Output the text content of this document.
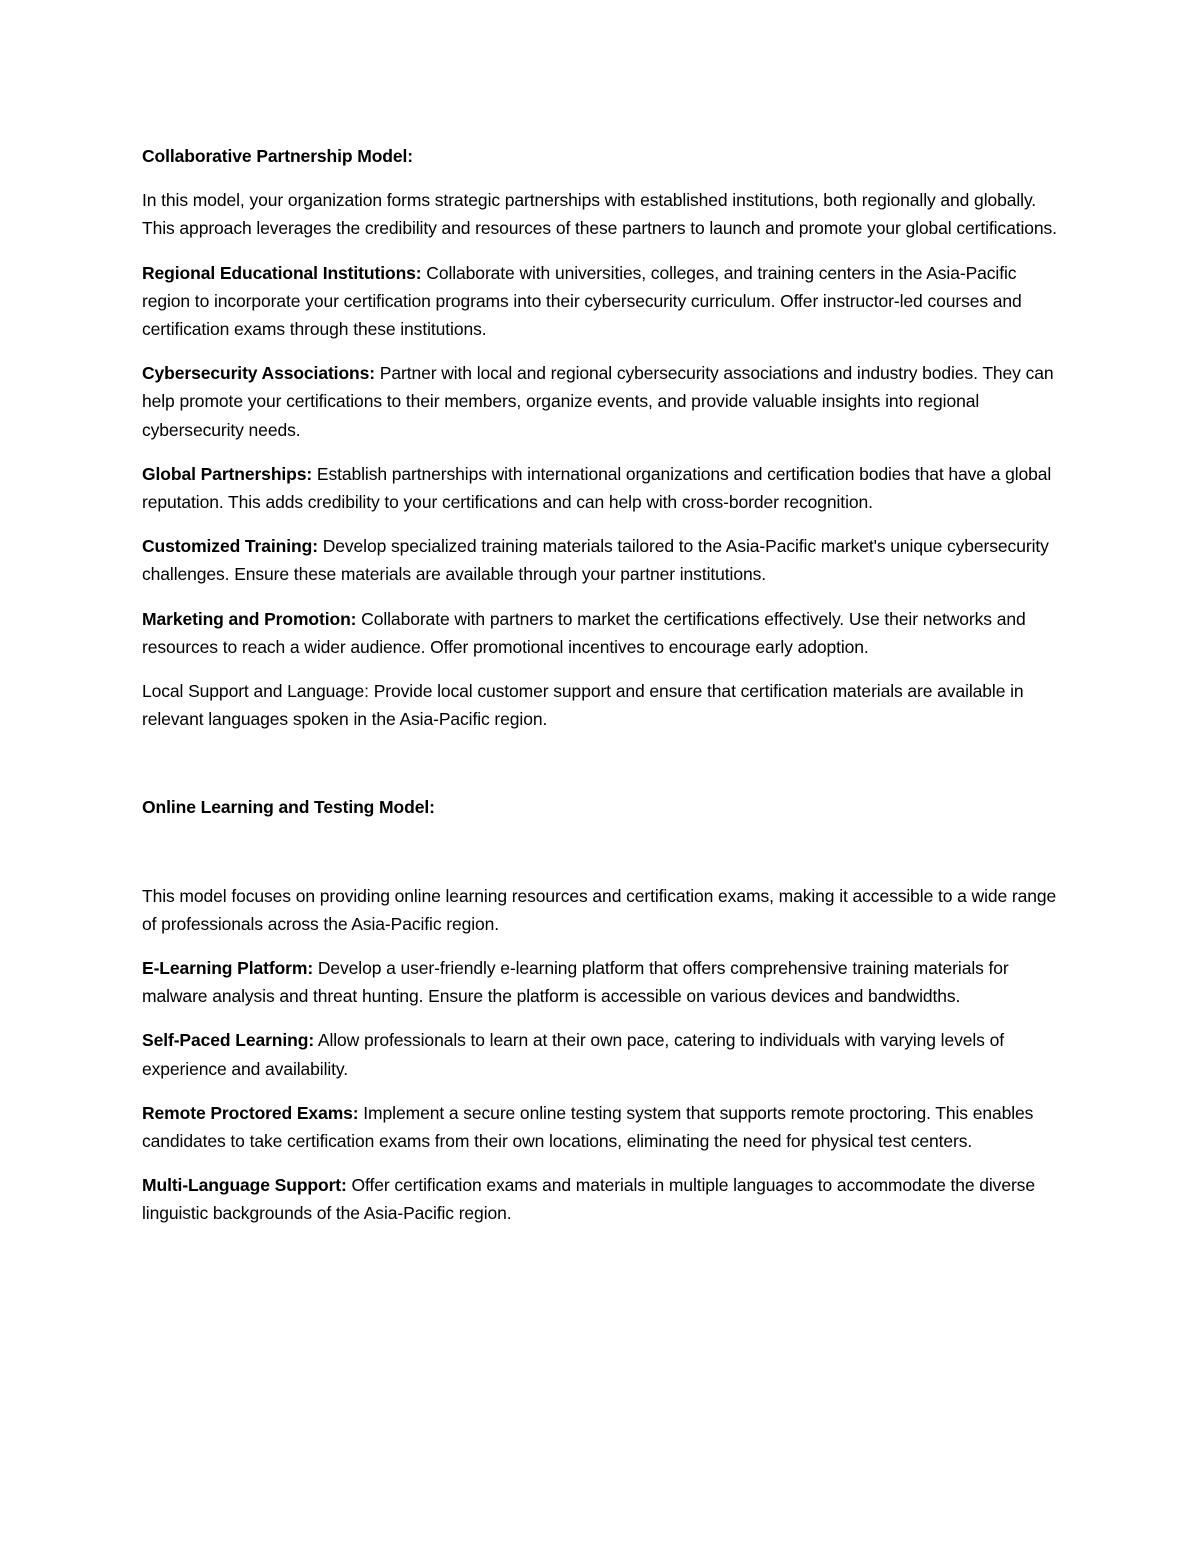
Collaborative Partnership Model:
In this model, your organization forms strategic partnerships with established institutions, both regionally and globally. This approach leverages the credibility and resources of these partners to launch and promote your global certifications.
Regional Educational Institutions: Collaborate with universities, colleges, and training centers in the Asia-Pacific region to incorporate your certification programs into their cybersecurity curriculum. Offer instructor-led courses and certification exams through these institutions.
Cybersecurity Associations: Partner with local and regional cybersecurity associations and industry bodies. They can help promote your certifications to their members, organize events, and provide valuable insights into regional cybersecurity needs.
Global Partnerships: Establish partnerships with international organizations and certification bodies that have a global reputation. This adds credibility to your certifications and can help with cross-border recognition.
Customized Training: Develop specialized training materials tailored to the Asia-Pacific market's unique cybersecurity challenges. Ensure these materials are available through your partner institutions.
Marketing and Promotion: Collaborate with partners to market the certifications effectively. Use their networks and resources to reach a wider audience. Offer promotional incentives to encourage early adoption.
Local Support and Language: Provide local customer support and ensure that certification materials are available in relevant languages spoken in the Asia-Pacific region.
Online Learning and Testing Model:
This model focuses on providing online learning resources and certification exams, making it accessible to a wide range of professionals across the Asia-Pacific region.
E-Learning Platform: Develop a user-friendly e-learning platform that offers comprehensive training materials for malware analysis and threat hunting. Ensure the platform is accessible on various devices and bandwidths.
Self-Paced Learning: Allow professionals to learn at their own pace, catering to individuals with varying levels of experience and availability.
Remote Proctored Exams: Implement a secure online testing system that supports remote proctoring. This enables candidates to take certification exams from their own locations, eliminating the need for physical test centers.
Multi-Language Support: Offer certification exams and materials in multiple languages to accommodate the diverse linguistic backgrounds of the Asia-Pacific region.
